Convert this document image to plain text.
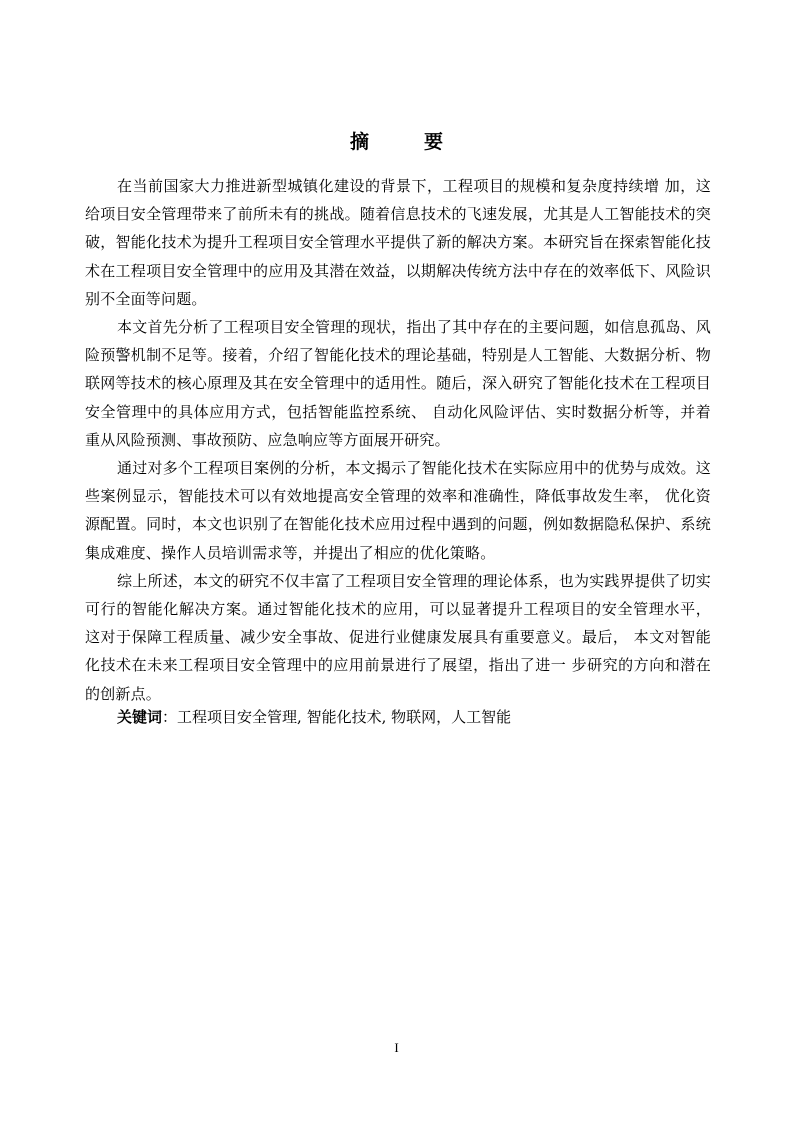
摘　要

在当前国家大力推进新型城镇化建设的背景下，工程项目的规模和复杂度持续增 加，这给项目安全管理带来了前所未有的挑战。随着信息技术的飞速发展，尤其是人工智能技术的突破，智能化技术为提升工程项目安全管理水平提供了新的解决方案。本研究旨在探索智能化技术在工程项目安全管理中的应用及其潜在效益，以期解决传统方法中存在的效率低下、风险识别不全面等问题。

本文首先分析了工程项目安全管理的现状，指出了其中存在的主要问题，如信息孤岛、风险预警机制不足等。接着，介绍了智能化技术的理论基础，特别是人工智能、大数据分析、物联网等技术的核心原理及其在安全管理中的适用性。随后，深入研究了智能化技术在工程项目安全管理中的具体应用方式，包括智能监控系统、 自动化风险评估、实时数据分析等，并着重从风险预测、事故预防、应急响应等方面展开研究。

通过对多个工程项目案例的分析，本文揭示了智能化技术在实际应用中的优势与成效。这些案例显示，智能技术可以有效地提高安全管理的效率和准确性，降低事故发生率， 优化资源配置。同时，本文也识别了在智能化技术应用过程中遇到的问题，例如数据隐私保护、系统集成难度、操作人员培训需求等，并提出了相应的优化策略。

综上所述，本文的研究不仅丰富了工程项目安全管理的理论体系，也为实践界提供了切实可行的智能化解决方案。通过智能化技术的应用，可以显著提升工程项目的安全管理水平， 这对于保障工程质量、减少安全事故、促进行业健康发展具有重要意义。最后， 本文对智能化技术在未来工程项目安全管理中的应用前景进行了展望，指出了进一 步研究的方向和潜在的创新点。

关键词：工程项目安全管理, 智能化技术, 物联网，人工智能
I
